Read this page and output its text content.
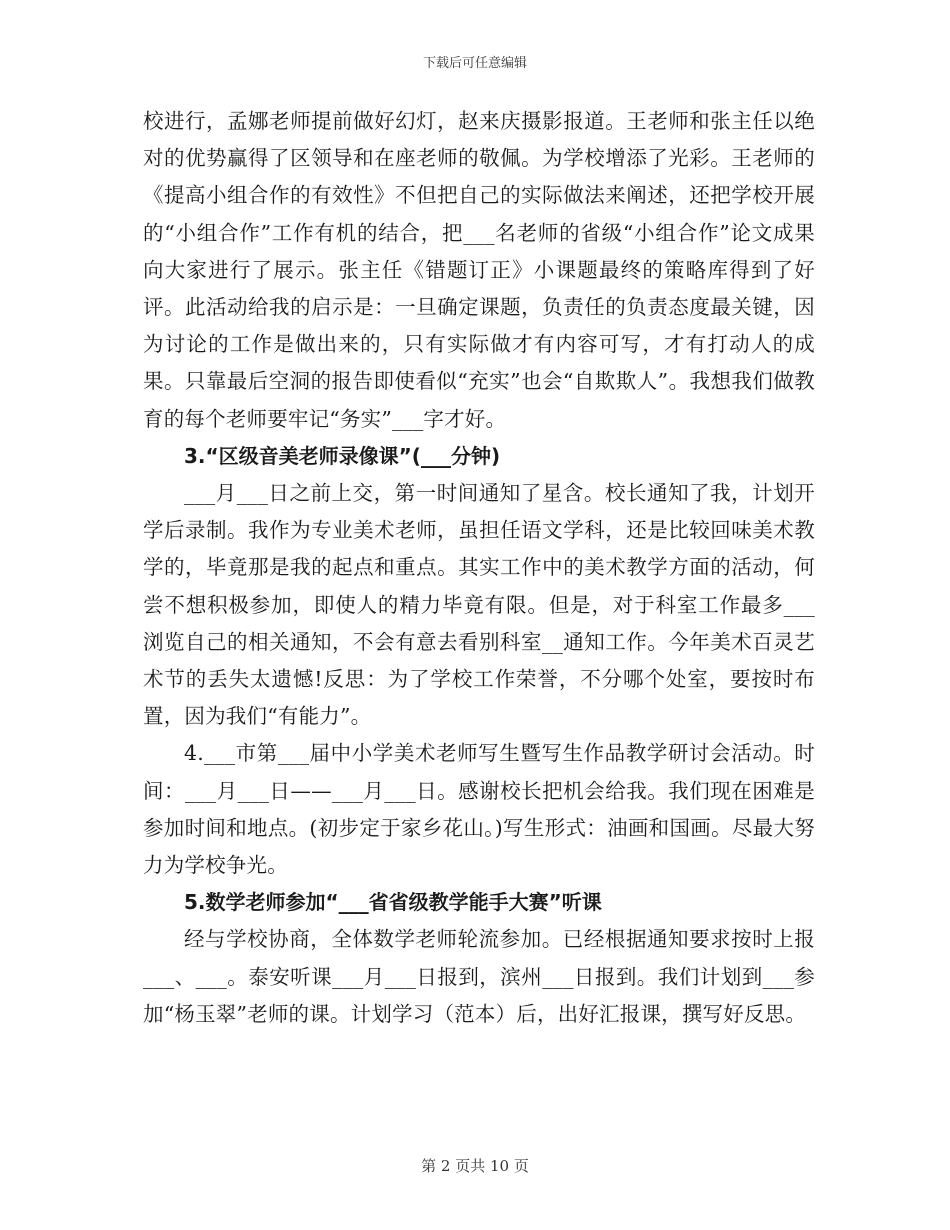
下载后可任意编辑

校进行，孟娜老师提前做好幻灯，赵来庆摄影报道。王老师和张主任以绝对的优势赢得了区领导和在座老师的敬佩。为学校增添了光彩。王老师的《提高小组合作的有效性》不但把自己的实际做法来阐述，还把学校开展的“小组合作”工作有机的结合，把___名老师的省级“小组合作”论文成果向大家进行了展示。张主任《错题订正》小课题最终的策略库得到了好评。此活动给我的启示是：一旦确定课题，负责任的负责态度最关键，因为讨论的工作是做出来的，只有实际做才有内容可写，才有打动人的成果。只靠最后空洞的报告即使看似“充实”也会“自欺欺人”。我想我们做教育的每个老师要牢记“务实”___字才好。

3.“区级音美老师录像课”(___分钟)

___月___日之前上交，第一时间通知了星含。校长通知了我，计划开学后录制。我作为专业美术老师，虽担任语文学科，还是比较回味美术教学的，毕竟那是我的起点和重点。其实工作中的美术教学方面的活动，何尝不想积极参加，即使人的精力毕竟有限。但是，对于科室工作最多___浏览自己的相关通知，不会有意去看别科室__通知工作。今年美术百灵艺术节的丢失太遗憾!反思：为了学校工作荣誉，不分哪个处室，要按时布置，因为我们“有能力”。

4.___市第___届中小学美术老师写生暨写生作品教学研讨会活动。时间：___月___日——___月___日。感谢校长把机会给我。我们现在困难是参加时间和地点。(初步定于家乡花山。)写生形式：油画和国画。尽最大努力为学校争光。

5.数学老师参加“___省省级教学能手大赛”听课

经与学校协商，全体数学老师轮流参加。已经根据通知要求按时上报___、___。泰安听课___月___日报到，滨州___日报到。我们计划到___参加“杨玉翠”老师的课。计划学习（范本）后，出好汇报课，撰写好反思。

第 2 页共 10 页
